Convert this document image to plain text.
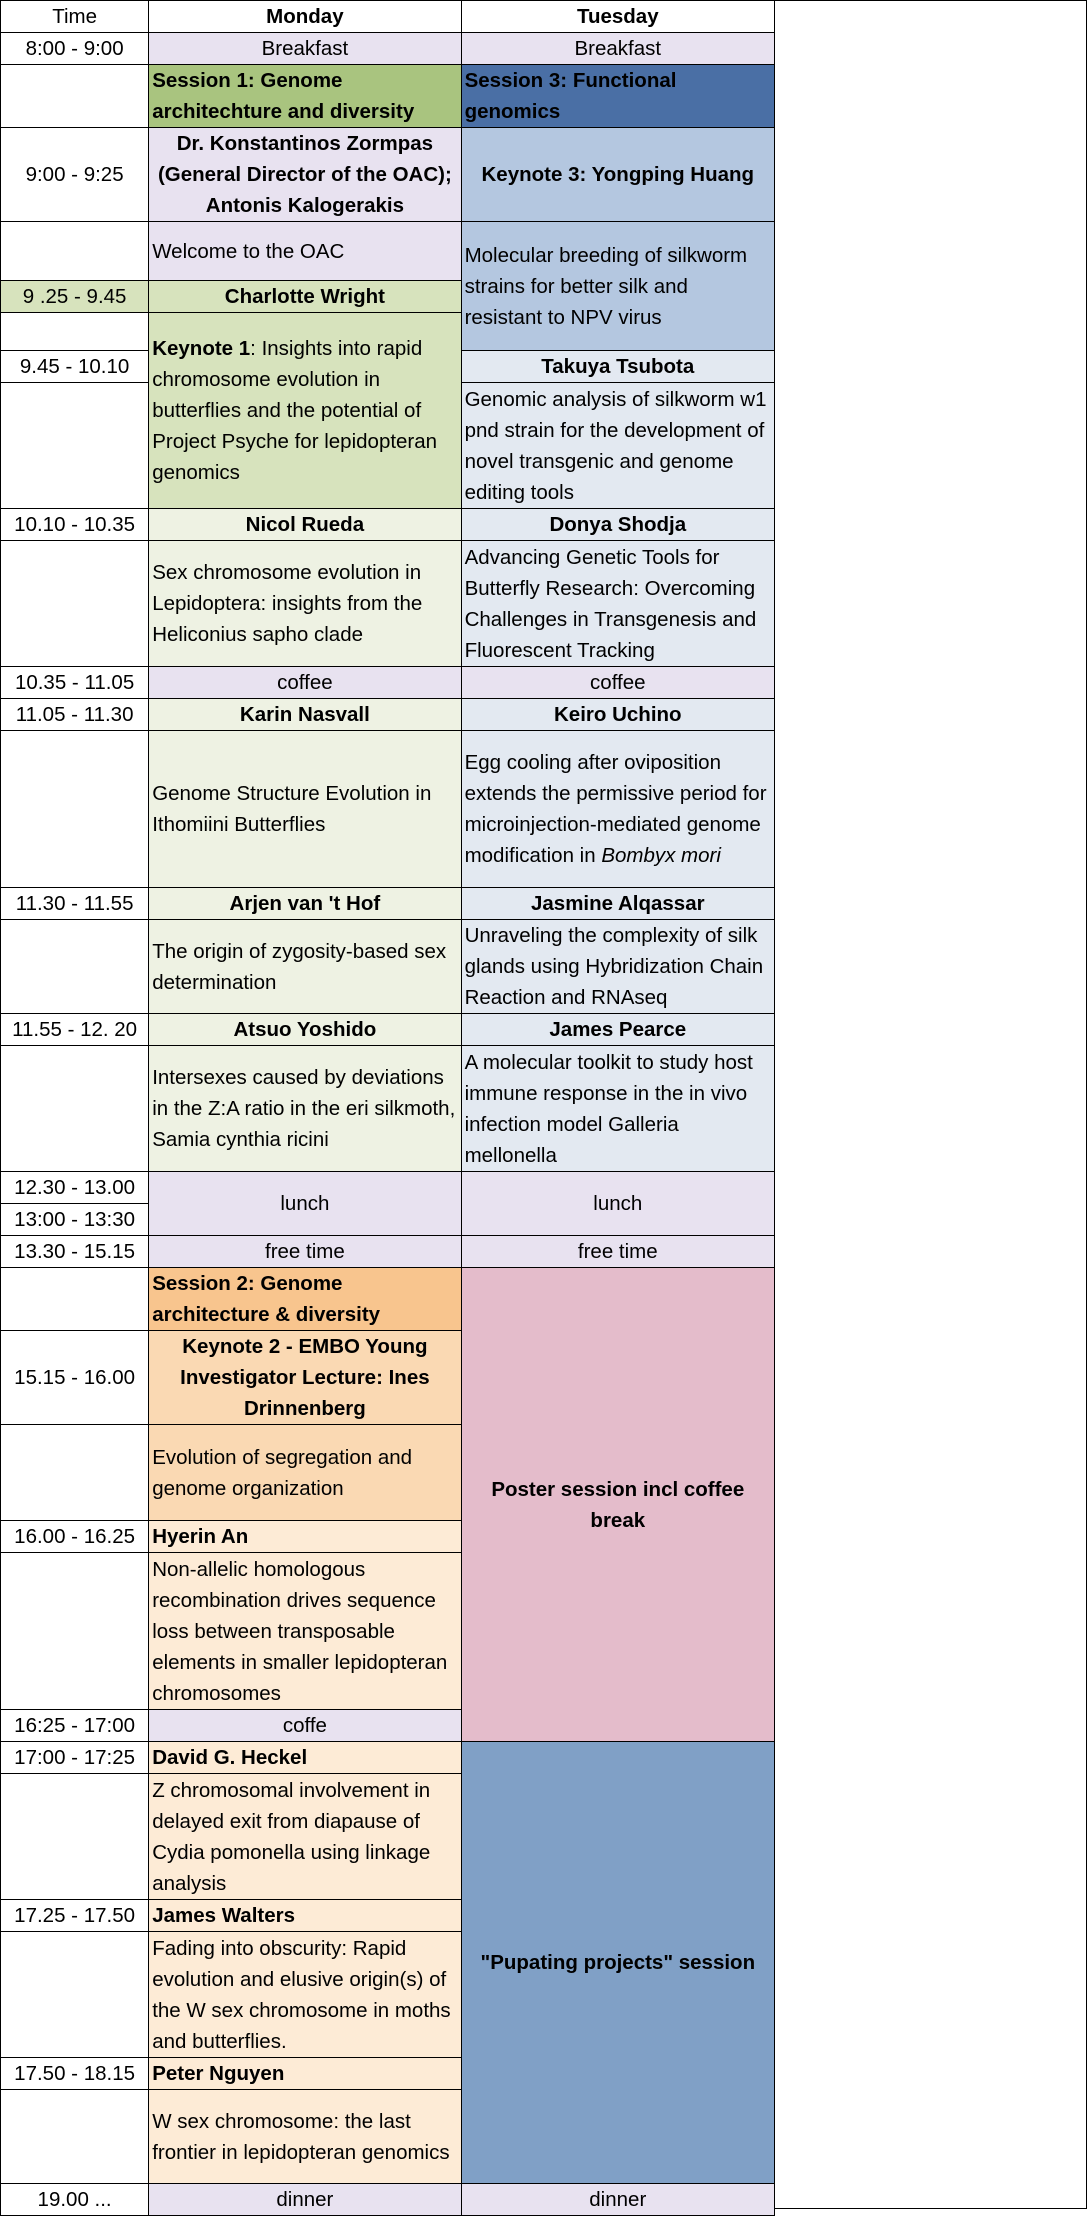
Time	Monday	Tuesday
8:00 - 9:00	Breakfast	Breakfast
	Session 1: Genome architechture and diversity	Session 3: Functional genomics
9:00 - 9:25	Dr. Konstantinos Zormpas (General Director of the OAC); Antonis Kalogerakis	Keynote 3: Yongping Huang
	Welcome to the OAC	Molecular breeding of silkworm strains for better silk and resistant to NPV virus
9 .25 - 9.45	Charlotte Wright	
	Keynote 1: Insights into rapid chromosome evolution in butterflies and the potential of Project Psyche for lepidopteran genomics	
9.45 - 10.10		Takuya Tsubota
		Genomic analysis of silkworm w1 pnd strain for the development of novel transgenic and genome editing tools
10.10 - 10.35	Nicol Rueda	Donya Shodja
	Sex chromosome evolution in Lepidoptera: insights from the Heliconius sapho clade	Advancing Genetic Tools for Butterfly Research: Overcoming Challenges in Transgenesis and Fluorescent Tracking
10.35 - 11.05	coffee	coffee
11.05 - 11.30	Karin Nasvall	Keiro Uchino
	Genome Structure Evolution in Ithomiini Butterflies	Egg cooling after oviposition extends the permissive period for microinjection-mediated genome modification in Bombyx mori
11.30 - 11.55	Arjen van 't Hof	Jasmine Alqassar
	The origin of zygosity-based sex determination	Unraveling the complexity of silk glands using Hybridization Chain Reaction and RNAseq
11.55 - 12. 20	Atsuo Yoshido	James Pearce
	Intersexes caused by deviations in the Z:A ratio in the eri silkmoth, Samia cynthia ricini	A molecular toolkit to study host immune response in the in vivo infection model Galleria mellonella
12.30 - 13.00	lunch	lunch
13:00 - 13:30		
13.30 - 15.15	free time	free time
	Session 2: Genome architecture & diversity	Poster session incl coffee break
15.15 - 16.00	Keynote 2 - EMBO Young Investigator Lecture: Ines Drinnenberg	
	Evolution of segregation and genome organization	
16.00 - 16.25	Hyerin An	
	Non-allelic homologous recombination drives sequence loss between transposable elements in smaller lepidopteran chromosomes	
16:25 - 17:00	coffe	
17:00 - 17:25	David G. Heckel	"Pupating projects" session
	Z chromosomal involvement in delayed exit from diapause of Cydia pomonella using linkage analysis	
17.25 - 17.50	James Walters	
	Fading into obscurity: Rapid evolution and elusive origin(s) of the W sex chromosome in moths and butterflies.	
17.50 - 18.15	Peter Nguyen	
	W sex chromosome: the last frontier in lepidopteran genomics	
19.00 ...	dinner	dinner
